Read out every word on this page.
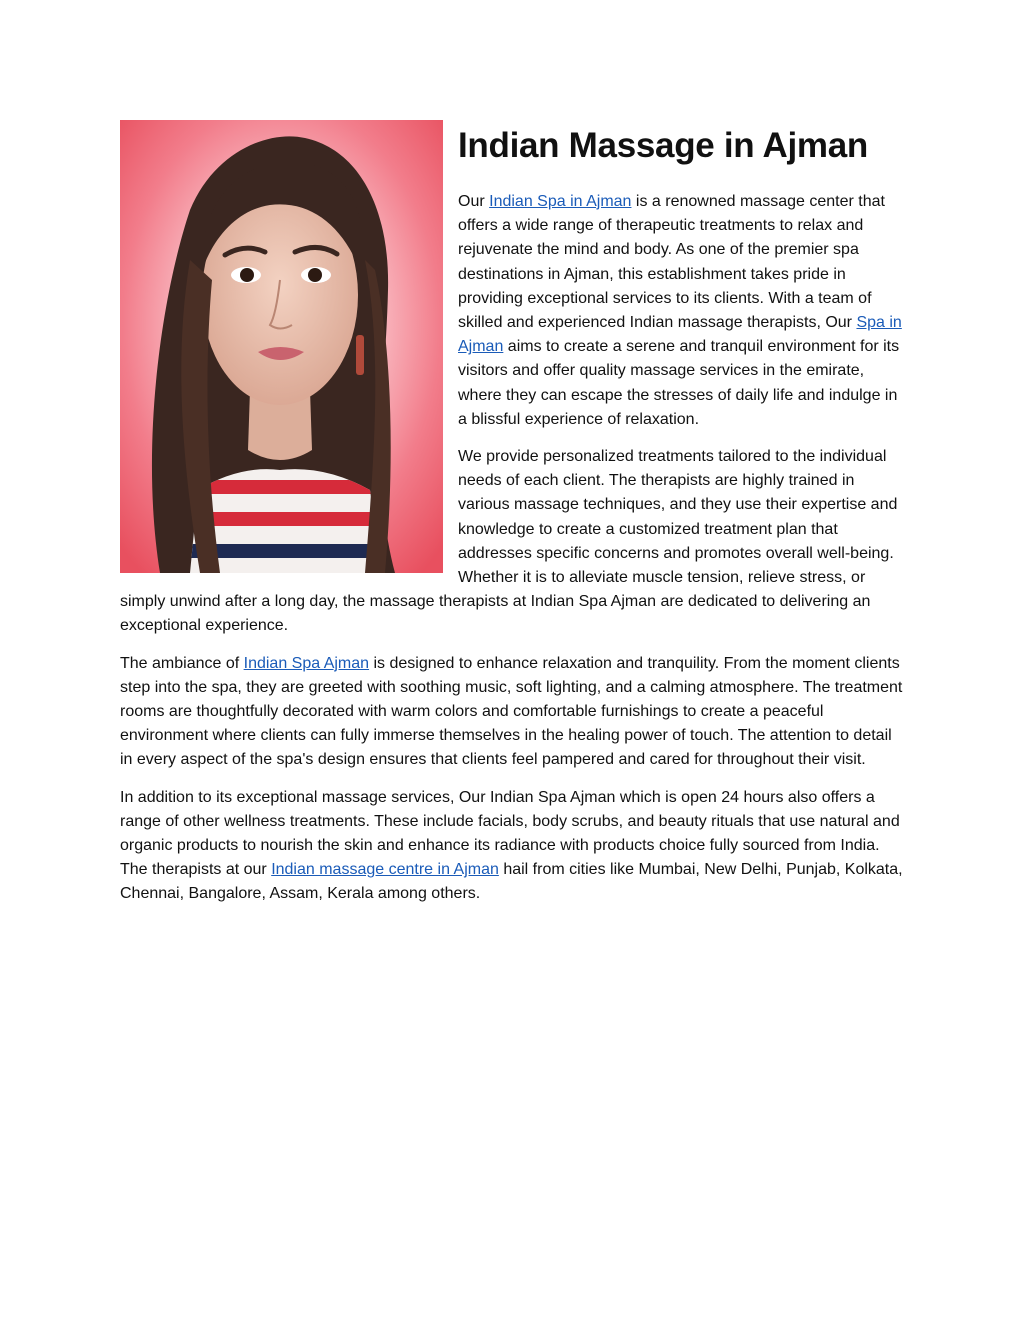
Indian Massage in Ajman

Our Indian Spa in Ajman is a renowned massage center that offers a wide range of therapeutic treatments to relax and rejuvenate the mind and body. As one of the premier spa destinations in Ajman, this establishment takes pride in providing exceptional services to its clients. With a team of skilled and experienced Indian massage therapists, Our Spa in Ajman aims to create a serene and tranquil environment for its visitors and offer quality massage services in the emirate, where they can escape the stresses of daily life and indulge in a blissful experience of relaxation.

We provide personalized treatments tailored to the individual needs of each client. The therapists are highly trained in various massage techniques, and they use their expertise and knowledge to create a customized treatment plan that addresses specific concerns and promotes overall well-being. Whether it is to alleviate muscle tension, relieve stress, or simply unwind after a long day, the massage therapists at Indian Spa Ajman are dedicated to delivering an exceptional experience.

The ambiance of Indian Spa Ajman is designed to enhance relaxation and tranquility. From the moment clients step into the spa, they are greeted with soothing music, soft lighting, and a calming atmosphere. The treatment rooms are thoughtfully decorated with warm colors and comfortable furnishings to create a peaceful environment where clients can fully immerse themselves in the healing power of touch. The attention to detail in every aspect of the spa's design ensures that clients feel pampered and cared for throughout their visit.

In addition to its exceptional massage services, Our Indian Spa Ajman which is open 24 hours also offers a range of other wellness treatments. These include facials, body scrubs, and beauty rituals that use natural and organic products to nourish the skin and enhance its radiance with products choice fully sourced from India. The therapists at our Indian massage centre in Ajman hail from cities like Mumbai, New Delhi, Punjab, Kolkata, Chennai, Bangalore, Assam, Kerala among others.
